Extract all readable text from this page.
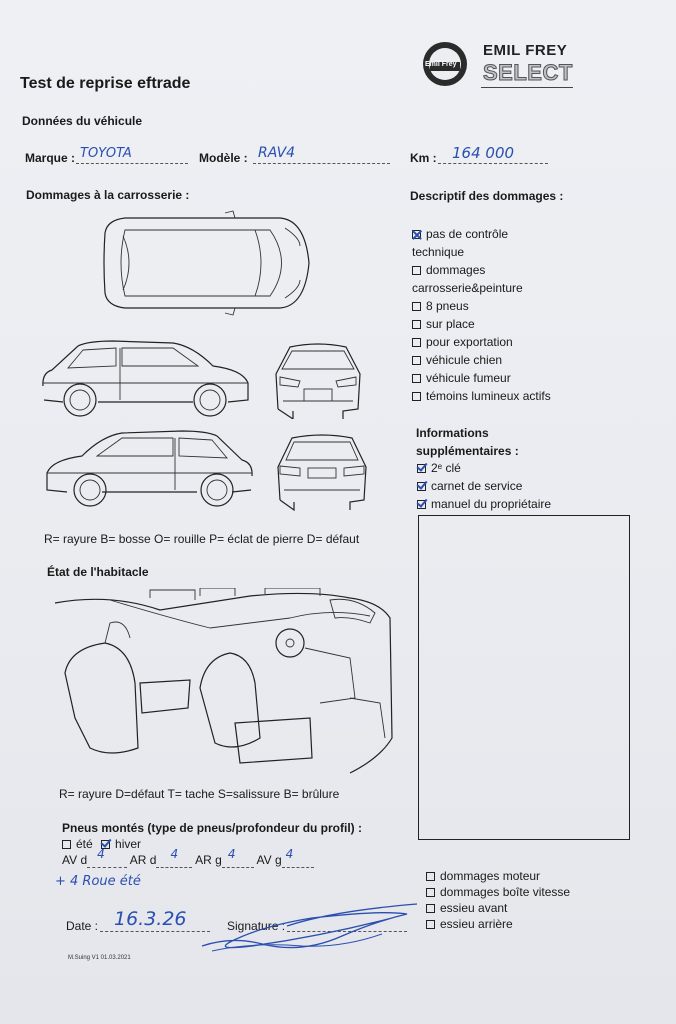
Emil Frey
EMIL FREY
SELECT
Test de reprise eftrade
Données du véhicule
Marque : TOYOTA	Modèle : RAV4	Km : 164 000
Dommages à la carrosserie :
R= rayure B= bosse O= rouille P= éclat de pierre D= défaut
Descriptif des dommages :
pas de contrôle
technique
dommages
carrosserie&peinture
8 pneus
sur place
pour exportation
véhicule chien
véhicule fumeur
témoins lumineux actifs
Informations
supplémentaires :
2ᵉ clé
carnet de service
manuel du propriétaire
État de l'habitacle
R= rayure D=défaut T= tache S=salissure B= brûlure
Pneus montés (type de pneus/profondeur du profil) :
été hiver
AV d 4 AR d 4 AR g 4 AV g 4

+ 4 Roue été	dommages moteur
dommages boîte vitesse
essieu avant
essieu arrière
Date : 16.3.26	Signature :
M.Suing V1 01.03.2021
